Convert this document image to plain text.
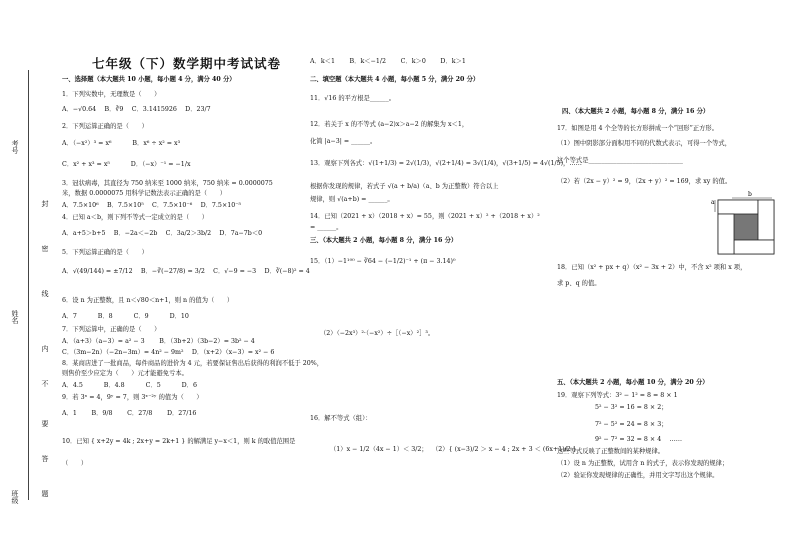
考号
姓名
班级
封
密
线
内
不
要
答
题
七年级（下）数学期中考试试卷
一、选择题（本大题共 10 小题，每小题 4 分，满分 40 分）
1．下列实数中，无理数是（　　）
A．−√0.64　 B．∛9　 C．3.1415926　 D．23/7
2．下列运算正确的是（　　）
A．（−x²）³ = x⁶　　　 B．x⁶ ÷ x² = x³
C．x² + x³ = x⁵　　　 D．（−x）⁻¹ = −1/x
3．冠状病毒，其直径为 750 纳米至 1000 纳米，750 纳米 = 0.0000075
米，数据 0.0000075 用科学记数法表示正确的是（　　）
A．7.5×10⁶　 B．7.5×10⁵　 C．7.5×10⁻⁶　 D．7.5×10⁻⁵
4．已知 a＜b，则下列不等式一定成立的是（　　）
A．a+5＞b+5　 B．−2a＜−2b　 C．3a/2＞3b/2　 D．7a−7b＜0
5．下列运算正确的是（　　）
A．√(49/144) = ±7/12　 B．−∛(−27/8) = 3/2　 C．√−9 = −3　 D．∛(−8)² = 4
6．设 n 为正整数，且 n＜√80＜n+1，则 n 的值为（　　）
A．7　　　 B．8　　　 C．9　　　 D．10
7．下列运算中，正确的是（　　）
A．（a+3）（a−3）= a² − 3　　 B．（3b+2）（3b−2）= 3b² − 4
C．（3m−2n）（−2n−3m）= 4n² − 9m²　 D．（x+2）（x−3）= x² − 6
8．某商店进了一批商品，每件商品的进价为 4 元，若要保证售出后获得的利润不低于 20%，
则售价至少应定为（　　）元才能避免亏本。
A．4.5　　　 B．4.8　　　 C．5　　　 D．6
9．若 3ˣ = 4，9ʸ = 7，则 3ˣ⁻²ʸ 的值为（　　）
A．1　　 B．9/8　　 C．27/8　　 D．27/16
10．已知 { x+2y = 4k ; 2x+y = 2k+1 } 的解满足 y−x＜1，则 k 的取值范围是
（　　）
A．k＜1　　 B．k＜−1/2　　 C．k＞0　　 D．k＞1
二、填空题（本大题共 4 小题，每小题 5 分，满分 20 分）
11．√16 的平方根是______。
12．若关于 x 的不等式 (a−2)x＞a−2 的解集为 x＜1，
化简 |a−3| = ______。
13．观察下列各式：√(1+1/3) = 2√(1/3)，√(2+1/4) = 3√(1/4)，√(3+1/5) = 4√(1/5)，……
根据你发现的规律，若式子 √(a + b/a)（a、b 为正整数）符合以上
规律，则 √(a+b) = ______。
14．已知（2021 + x）（2018 + x）= 55，则（2021 + x）² +（2018 + x）²
= ______。
三、（本大题共 2 小题，每小题 8 分，满分 16 分）
15．（1）−1¹⁰⁰ − ∛64 − (−1/2)⁻¹ + (π − 3.14)⁰
（2）（−2x³）²·（−x²）÷［（−x）²］³。
16．解不等式（组）：
（1）x − 1/2（4x − 1）＜ 3/2； （2）{ (x−3)/2 ＞ x − 4 ; 2x + 3 ＜ (6x+1)/2 }
四、（本大题共 2 小题，每小题 8 分，满分 16 分）
17．如图是用 4 个全等的长方形拼成一个“回形”正方形。
（1）图中阴影部分面积用不同的代数式表示，可得一个等式，
这个等式是______________________________
（2）若（2x − y）² = 9，（2x + y）² = 169，求 xy 的值。
b
a
18．已知（x² + px + q）（x² − 3x + 2）中，不含 x² 项和 x 项，
求 p、q 的值。
五、（本大题共 2 小题，每小题 10 分，满分 20 分）
19．观察下列等式：3² − 1² = 8 = 8 × 1
5² − 3² = 16 = 8 × 2；
7² − 5² = 24 = 8 × 3；
9² − 7² = 32 = 8 × 4　 ……
这些等式反映了正整数间的某种规律。
（1）设 n 为正整数，试用含 n 的式子，表示你发现的规律；
（2）验证你发现规律的正确性，并用文字写出这个规律。
